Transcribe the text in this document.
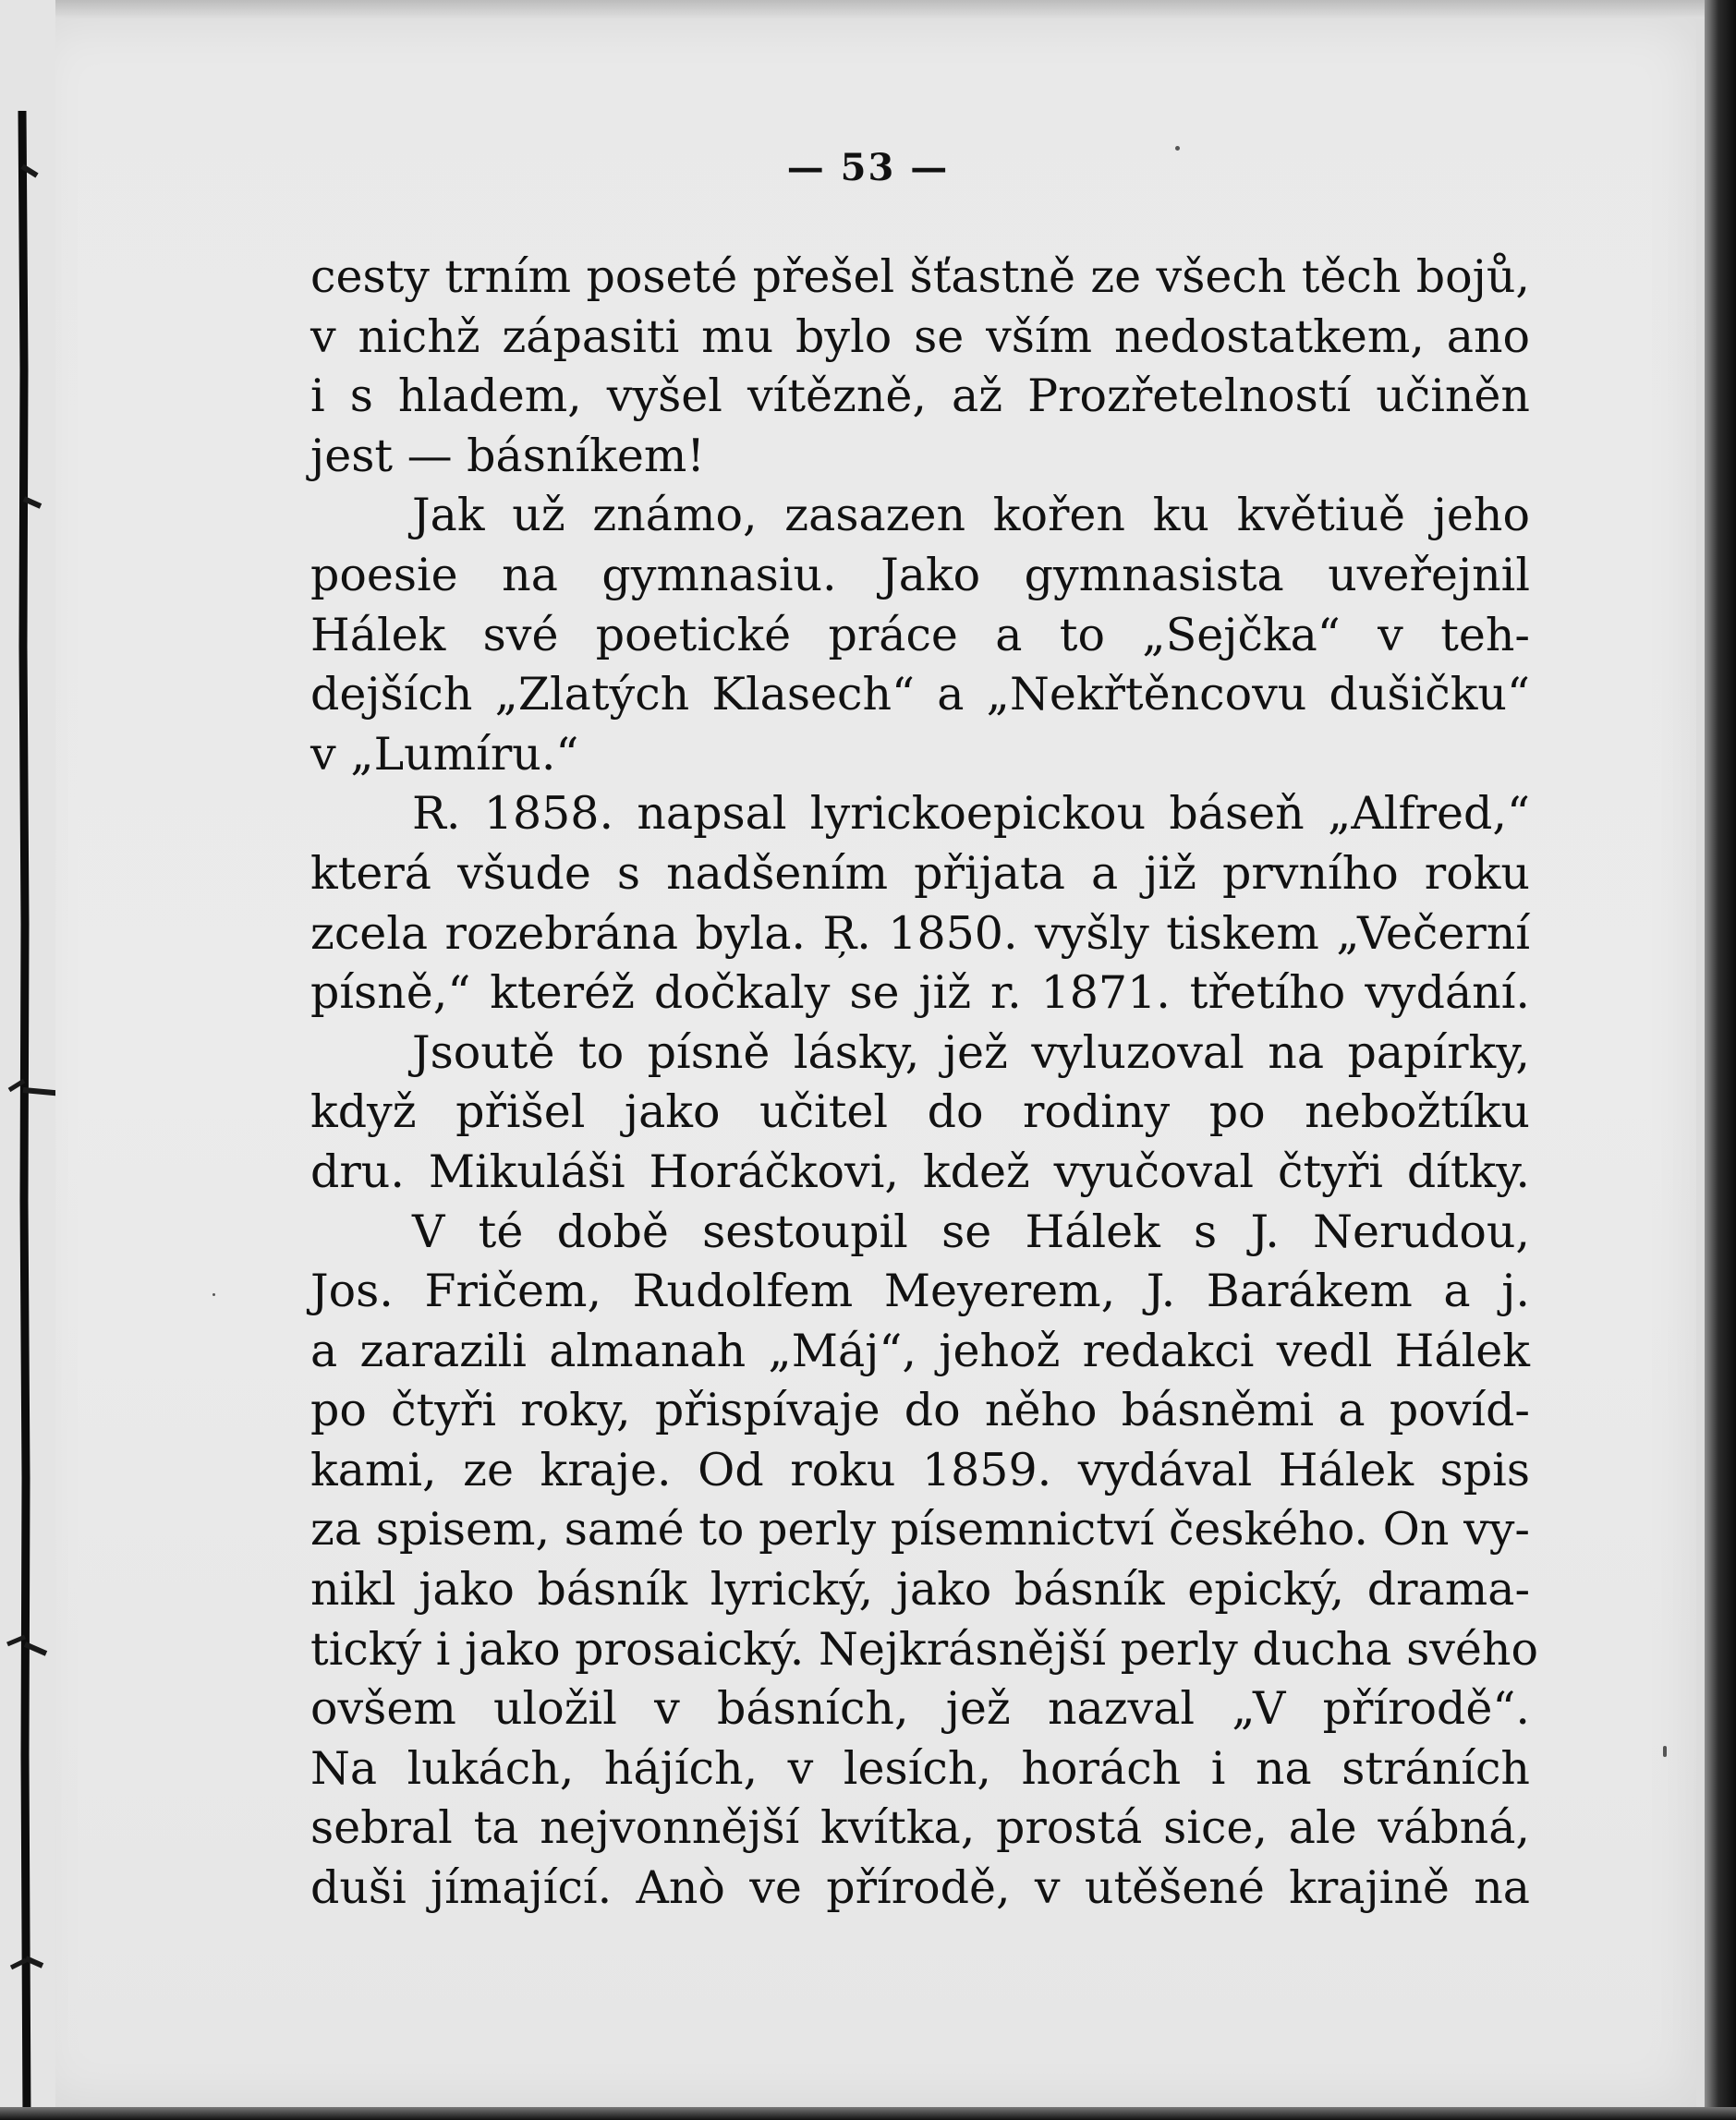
— 53 —
cesty trním poseté přešel šťastně ze všech těch bojů,
v nichž zápasiti mu bylo se vším nedostatkem, ano
i s hladem, vyšel vítězně, až Prozřetelností učiněn
jest — básníkem!
Jak už známo, zasazen kořen ku květiuě jeho
poesie na gymnasiu. Jako gymnasista uveřejnil
Hálek své poetické práce a to „Sejčka“ v teh-
dejších „Zlatých Klasech“ a „Nekřtěncovu dušičku“
v „Lumíru.“
R. 1858. napsal lyrickoepickou báseň „Alfred,“
která všude s nadšením přijata a již prvního roku
zcela rozebrána byla. Ŗ. 1850. vyšly tiskem „Večerní
písně,“ kteréž dočkaly se již r. 1871. třetího vydání.
Jsoutě to písně lásky, jež vyluzoval na papírky,
když přišel jako učitel do rodiny po nebožtíku
dru. Mikuláši Horáčkovi, kdež vyučoval čtyři dítky.
V té době sestoupil se Hálek s J. Nerudou,
Jos. Fričem, Rudolfem Meyerem, J. Barákem a j.
a zarazili almanah „Máj“, jehož redakci vedl Hálek
po čtyři roky, přispívaje do něho básněmi a povíd-
kami, ze kraje. Od roku 1859. vydával Hálek spis
za spisem, samé to perly písemnictví českého. On vy-
nikl jako básník lyrický, jako básník epický, drama-
tický i jako prosaický. Nejkrásnější perly ducha svého
ovšem uložil v básních, jež nazval „V přírodě“.
Na lukách, hájích, v lesích, horách i na stráních
sebral ta nejvonnější kvítka, prostá sice, ale vábná,
duši jímající. Anò ve přírodě, v utěšené krajině na
